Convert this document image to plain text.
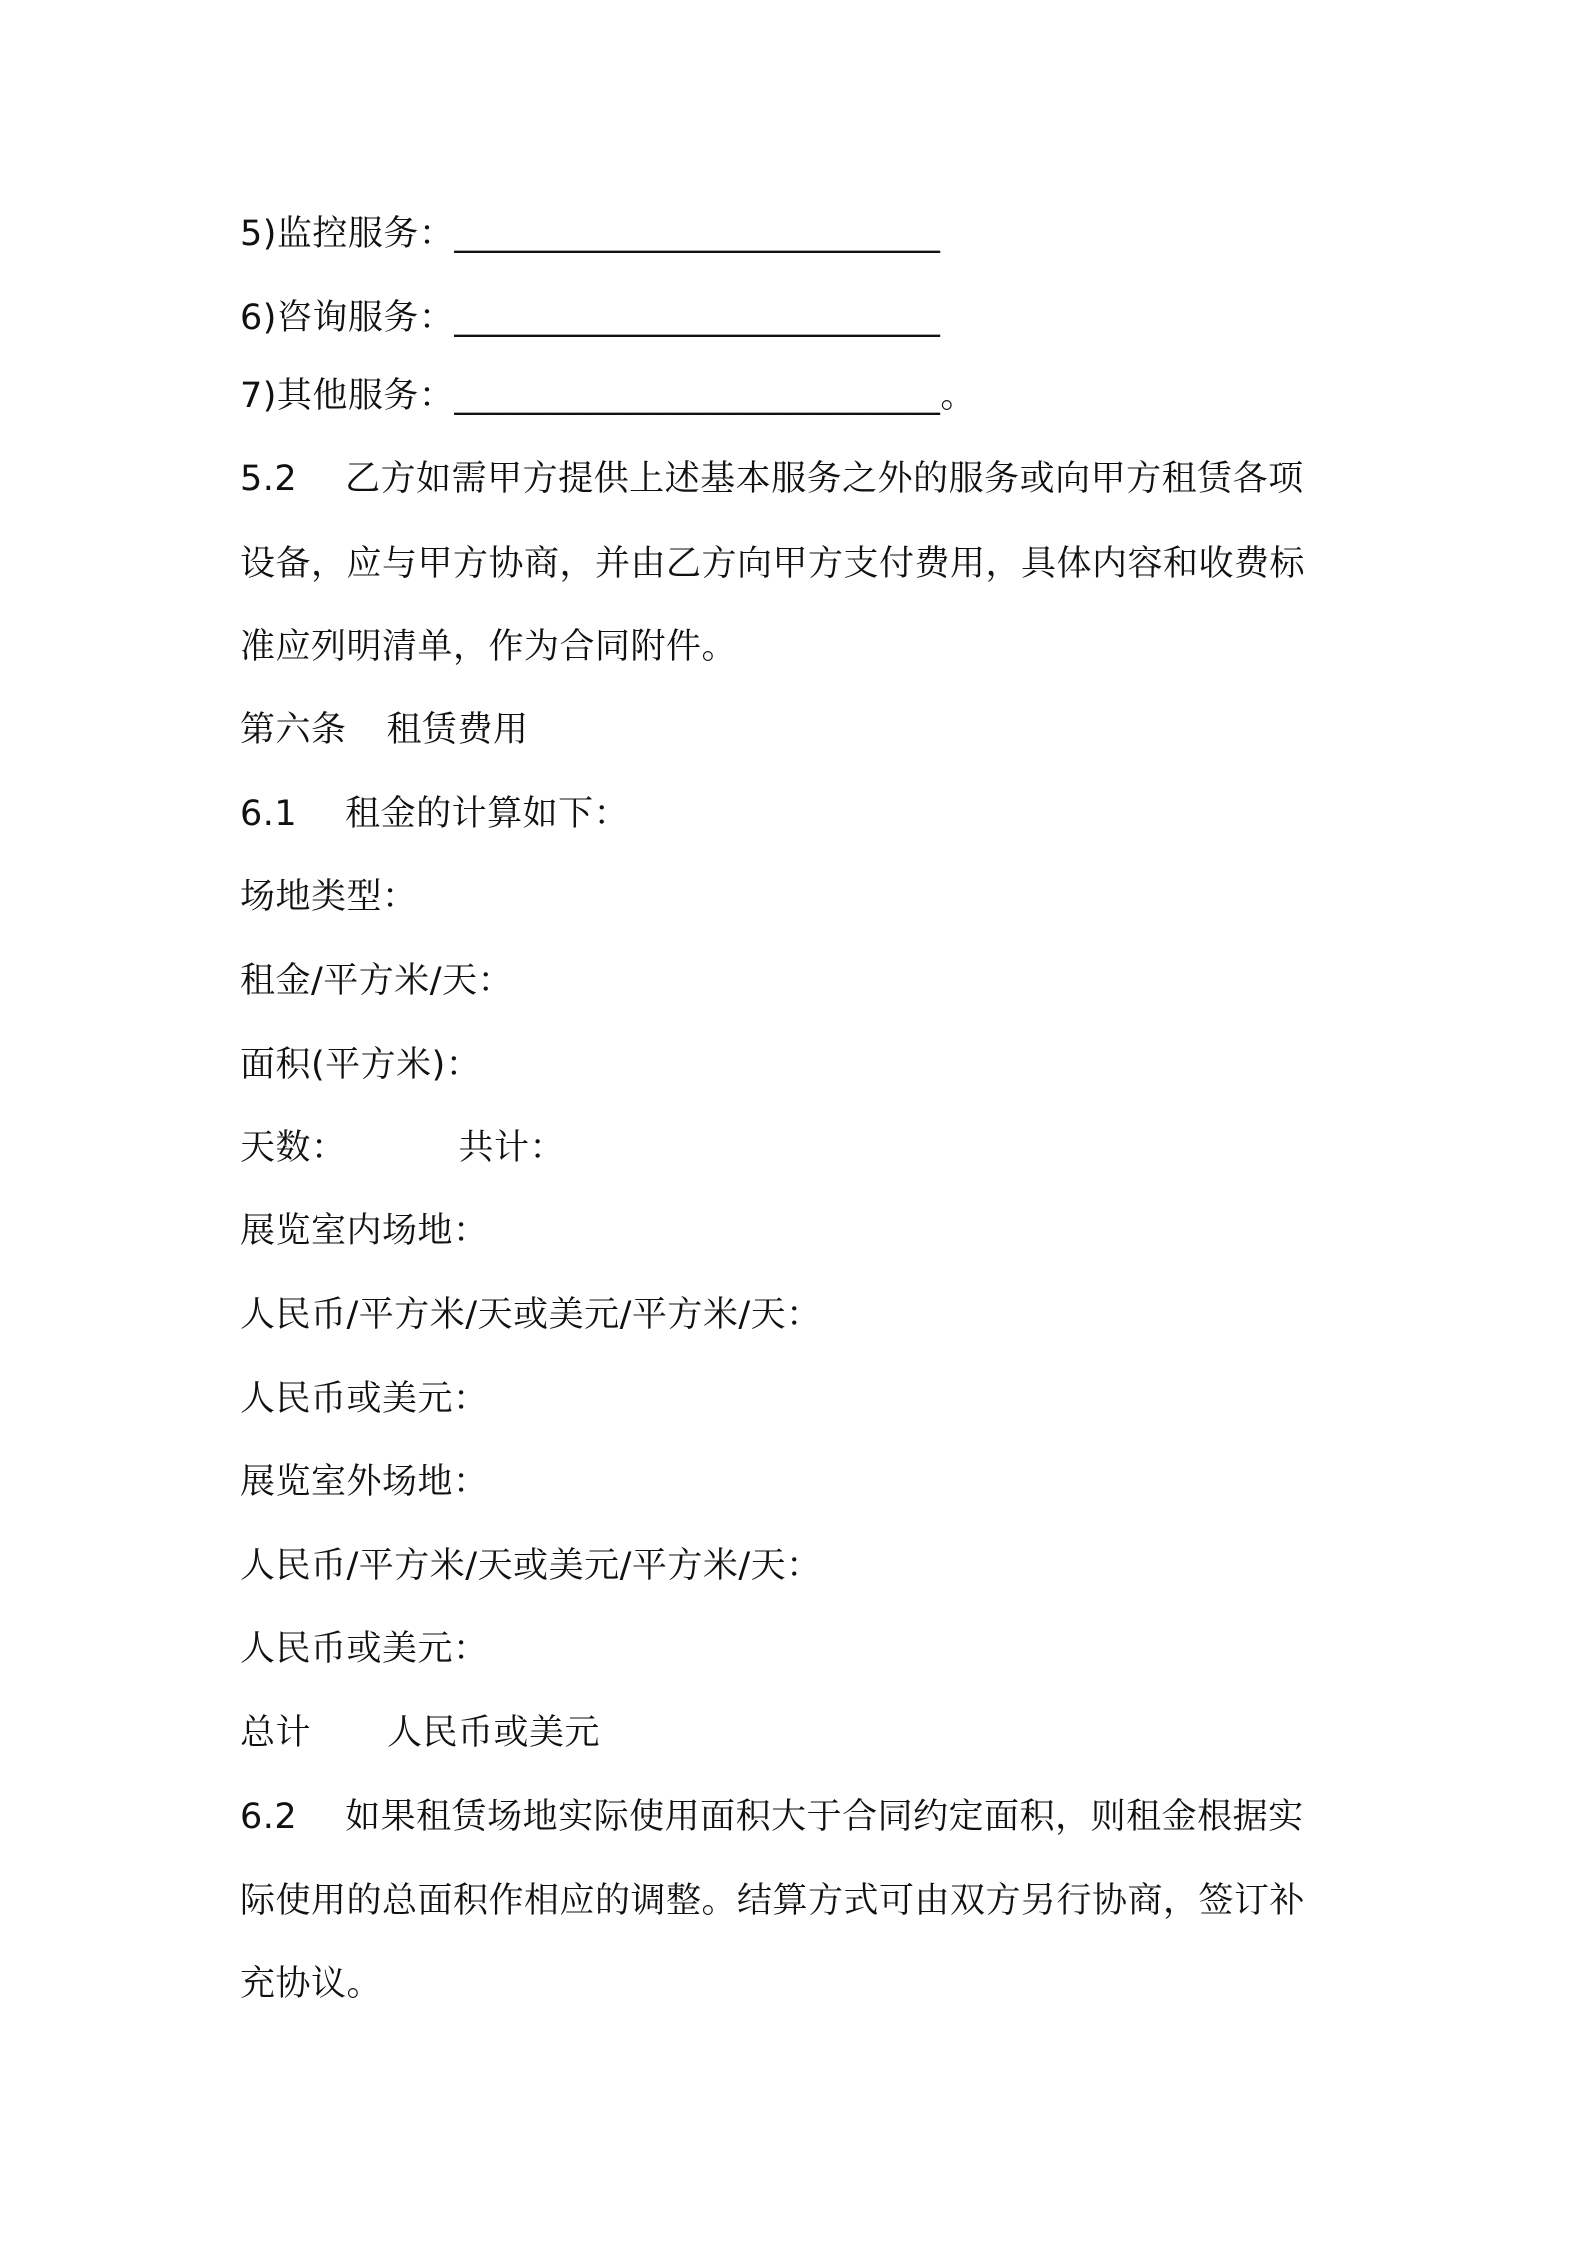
5)监控服务：___________________________
6)咨询服务：___________________________
7)其他服务：___________________________。
5.2 乙方如需甲方提供上述基本服务之外的服务或向甲方租赁各项
设备，应与甲方协商，并由乙方向甲方支付费用，具体内容和收费标
准应列明清单，作为合同附件。
第六条 租赁费用
6.1 租金的计算如下：
场地类型：
租金/平方米/天：
面积(平方米)：
天数：	共计：
展览室内场地：
人民币/平方米/天或美元/平方米/天：
人民币或美元：
展览室外场地：
人民币/平方米/天或美元/平方米/天：
人民币或美元：
总计 人民币或美元
6.2 如果租赁场地实际使用面积大于合同约定面积，则租金根据实
际使用的总面积作相应的调整。结算方式可由双方另行协商，签订补
充协议。
